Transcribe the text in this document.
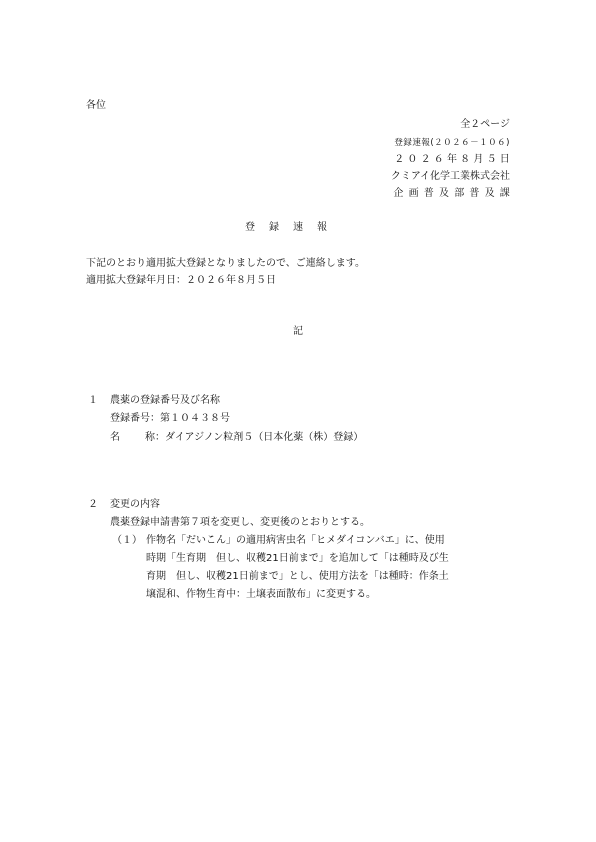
各位
全２ページ
登録速報(２０２６－１０６)
２０２６年８月５日
クミアイ化学工業株式会社
企画普及部普及課
登録速報
下記のとおり適用拡大登録となりましたので、ご連絡します。
適用拡大登録年月日：２０２６年８月５日
記
１ 農薬の登録番号及び名称
登録番号：第１０４３８号
名	称 ：ダイアジノン粒剤５（日本化薬（株）登録）
２ 変更の内容
農薬登録申請書第７項を変更し、変更後のとおりとする。
（１） 作物名「だいこん」の適用病害虫名「ヒメダイコンバエ」に、使用
時期「生育期　但し、収穫21日前まで」を追加して「は種時及び生
育期　但し、収穫21日前まで」とし、使用方法を「は種時：作条土
壌混和、作物生育中：土壌表面散布」に変更する。
